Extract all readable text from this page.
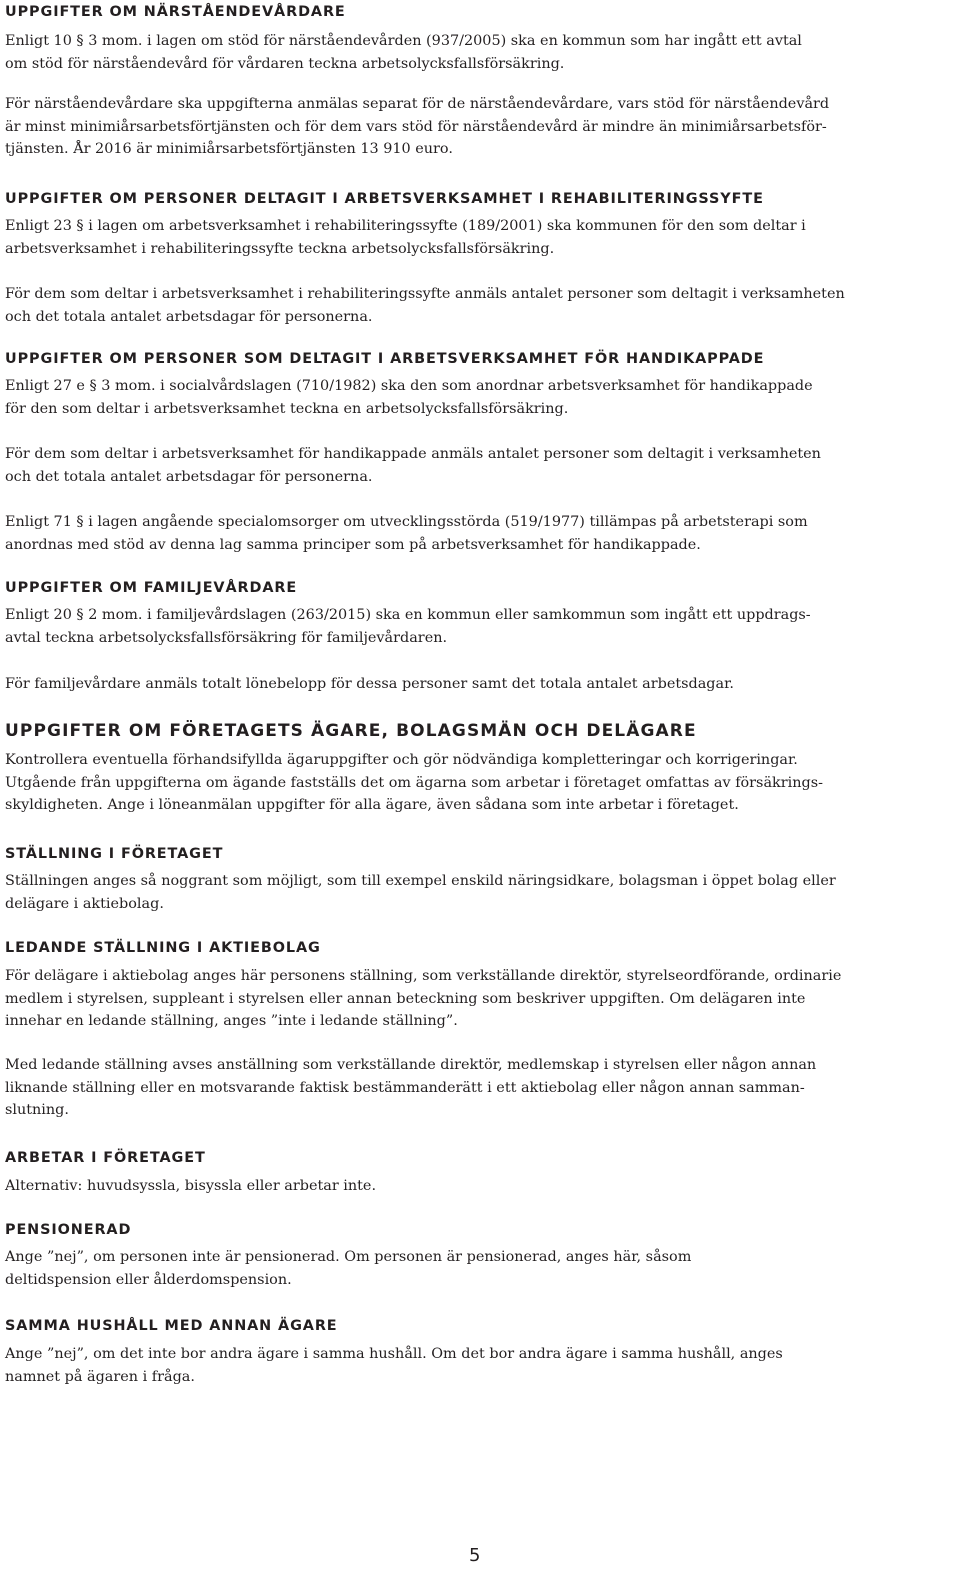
UPPGIFTER OM NÄRSTÅENDEVÅRDARE
Enligt 10 § 3 mom. i lagen om stöd för närståendevården (937/2005) ska en kommun som har ingått ett avtal
om stöd för närståendevård för vårdaren teckna arbetsolycksfallsförsäkring.
För närståendevårdare ska uppgifterna anmälas separat för de närståendevårdare, vars stöd för närståendevård
är minst minimiårsarbetsförtjänsten och för dem vars stöd för närståendevård är mindre än minimiårsarbetsför-
tjänsten. År 2016 är minimiårsarbetsförtjänsten 13 910 euro.
UPPGIFTER OM PERSONER DELTAGIT I ARBETSVERKSAMHET I REHABILITERINGSSYFTE
Enligt 23 § i lagen om arbetsverksamhet i rehabiliteringssyfte (189/2001) ska kommunen för den som deltar i
arbetsverksamhet i rehabiliteringssyfte teckna arbetsolycksfallsförsäkring.
För dem som deltar i arbetsverksamhet i rehabiliteringssyfte anmäls antalet personer som deltagit i verksamheten
och det totala antalet arbetsdagar för personerna.
UPPGIFTER OM PERSONER SOM DELTAGIT I ARBETSVERKSAMHET FÖR HANDIKAPPADE
Enligt 27 e § 3 mom. i socialvårdslagen (710/1982) ska den som anordnar arbetsverksamhet för handikappade
för den som deltar i arbetsverksamhet teckna en arbetsolycksfallsförsäkring.
För dem som deltar i arbetsverksamhet för handikappade anmäls antalet personer som deltagit i verksamheten
och det totala antalet arbetsdagar för personerna.
Enligt 71 § i lagen angående specialomsorger om utvecklingsstörda (519/1977) tillämpas på arbetsterapi som
anordnas med stöd av denna lag samma principer som på arbetsverksamhet för handikappade.
UPPGIFTER OM FAMILJEVÅRDARE
Enligt 20 § 2 mom. i familjevårdslagen (263/2015) ska en kommun eller samkommun som ingått ett uppdrags-
avtal teckna arbetsolycksfallsförsäkring för familjevårdaren.
För familjevårdare anmäls totalt lönebelopp för dessa personer samt det totala antalet arbetsdagar.
UPPGIFTER OM FÖRETAGETS ÄGARE, BOLAGSMÄN OCH DELÄGARE
Kontrollera eventuella förhandsifyllda ägaruppgifter och gör nödvändiga kompletteringar och korrigeringar.
Utgående från uppgifterna om ägande fastställs det om ägarna som arbetar i företaget omfattas av försäkrings-
skyldigheten. Ange i löneanmälan uppgifter för alla ägare, även sådana som inte arbetar i företaget.
STÄLLNING I FÖRETAGET
Ställningen anges så noggrant som möjligt, som till exempel enskild näringsidkare, bolagsman i öppet bolag eller
delägare i aktiebolag.
LEDANDE STÄLLNING I AKTIEBOLAG
För delägare i aktiebolag anges här personens ställning, som verkställande direktör, styrelseordförande, ordinarie
medlem i styrelsen, suppleant i styrelsen eller annan beteckning som beskriver uppgiften. Om delägaren inte
innehar en ledande ställning, anges ”inte i ledande ställning”.
Med ledande ställning avses anställning som verkställande direktör, medlemskap i styrelsen eller någon annan
liknande ställning eller en motsvarande faktisk bestämmanderätt i ett aktiebolag eller någon annan samman-
slutning.
ARBETAR I FÖRETAGET
Alternativ: huvudsyssla, bisyssla eller arbetar inte.
PENSIONERAD
Ange ”nej”, om personen inte är pensionerad. Om personen är pensionerad, anges här, såsom
deltidspension eller ålderdomspension.
SAMMA HUSHÅLL MED ANNAN ÄGARE
Ange ”nej”, om det inte bor andra ägare i samma hushåll. Om det bor andra ägare i samma hushåll, anges
namnet på ägaren i fråga.
5
